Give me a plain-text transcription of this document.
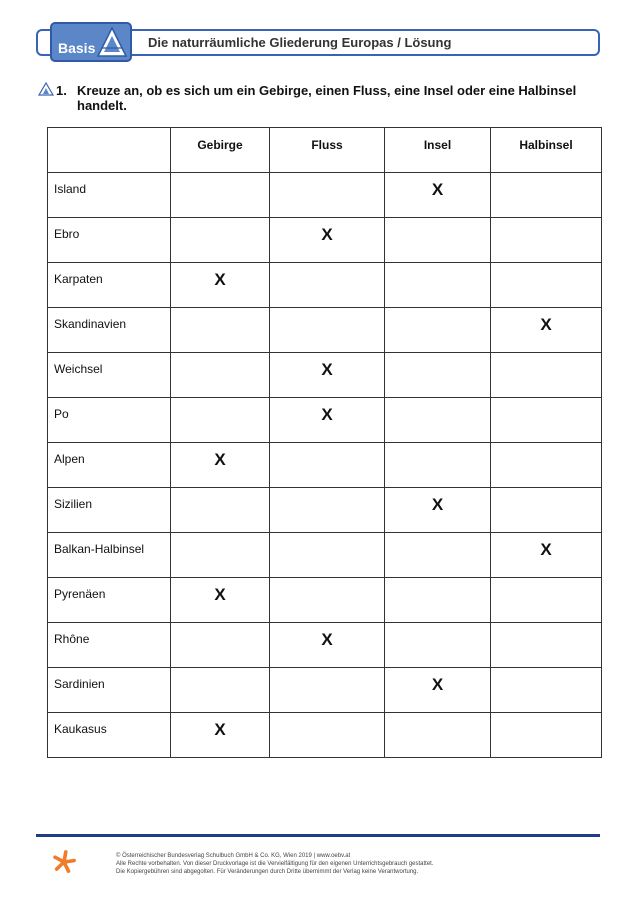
Basis	Die naturräumliche Gliederung Europas / Lösung
1. Kreuze an, ob es sich um ein Gebirge, einen Fluss, eine Insel oder eine Halbinsel handelt.
	Gebirge	Fluss	Insel	Halbinsel
Island			X	
Ebro		X		
Karpaten	X			
Skandinavien				X
Weichsel		X		
Po		X		
Alpen	X			
Sizilien			X	
Balkan-Halbinsel				X
Pyrenäen	X			
Rhône		X		
Sardinien			X	
Kaukasus	X			
© Österreichischer Bundesverlag Schulbuch GmbH & Co. KG, Wien 2019 | www.oebv.at
Alle Rechte vorbehalten. Von dieser Druckvorlage ist die Vervielfältigung für den eigenen Unterrichtsgebrauch gestattet.
Die Kopiergebühren sind abgegolten. Für Veränderungen durch Dritte übernimmt der Verlag keine Verantwortung.
